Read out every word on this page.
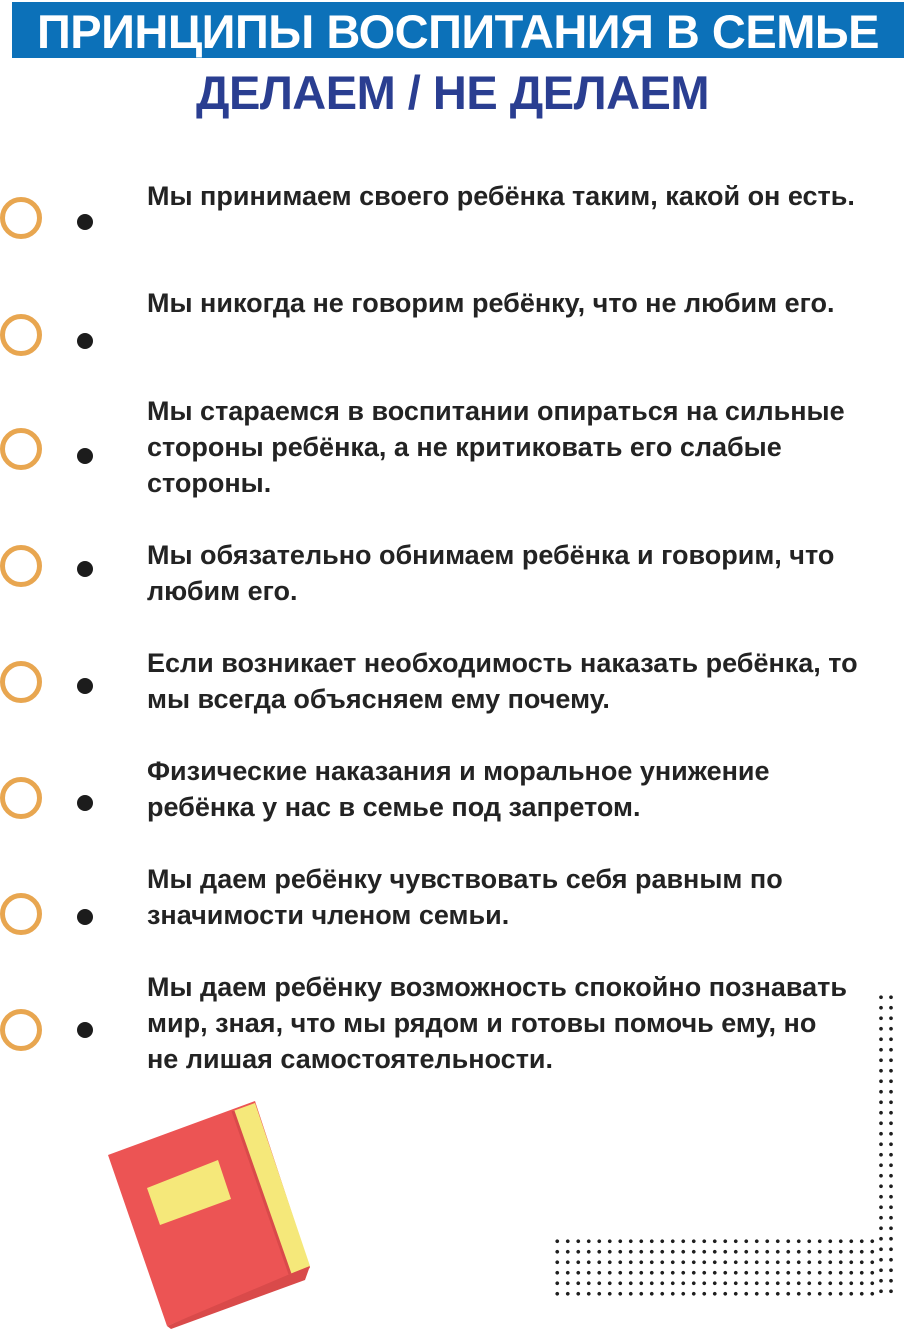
ПРИНЦИПЫ ВОСПИТАНИЯ В СЕМЬЕ
ДЕЛАЕМ / НЕ ДЕЛАЕМ

Мы принимаем своего ребёнка таким, какой он есть.

Мы никогда не говорим ребёнку, что не любим его.

Мы стараемся в воспитании опираться на сильные стороны ребёнка, а не критиковать его слабые стороны.

Мы обязательно обнимаем ребёнка и говорим, что любим его.

Если возникает необходимость наказать ребёнка, то мы всегда объясняем ему почему.

Физические наказания и моральное унижение ребёнка у нас в семье под запретом.

Мы даем ребёнку чувствовать себя равным по значимости членом семьи.

Мы даем ребёнку возможность спокойно познавать мир, зная, что мы рядом и готовы помочь ему, но не лишая самостоятельности.
